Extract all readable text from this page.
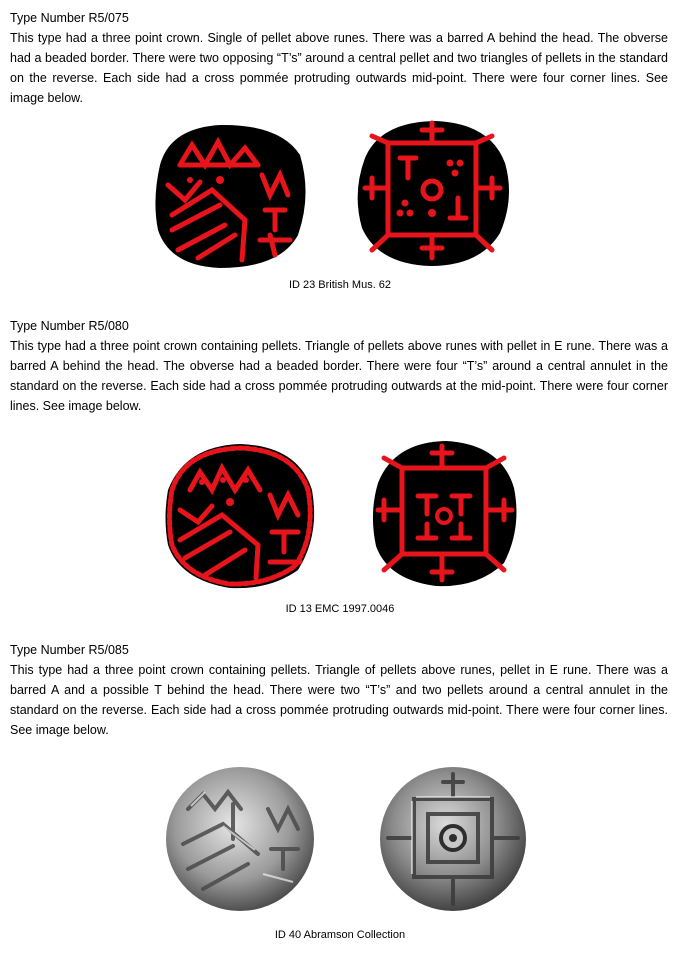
Type Number R5/075

This type had a three point crown. Single of pellet above runes. There was a barred A behind the head. The obverse had a beaded border. There were two opposing “T’s” around a central pellet and two triangles of pellets in the standard on the reverse. Each side had a cross pommée protruding outwards mid-point. There were four corner lines. See image below.

ID 23 British Mus. 62

Type Number R5/080

This type had a three point crown containing pellets. Triangle of pellets above runes with pellet in E rune. There was a barred A behind the head. The obverse had a beaded border. There were four “T’s” around a central annulet in the standard on the reverse. Each side had a cross pommée protruding outwards at the mid-point. There were four corner lines. See image below.

ID 13 EMC 1997.0046

Type Number R5/085

This type had a three point crown containing pellets. Triangle of pellets above runes, pellet in E rune. There was a barred A and a possible T behind the head. There were two “T’s” and two pellets around a central annulet in the standard on the reverse. Each side had a cross pommée protruding outwards mid-point. There were four corner lines. See image below.

ID 40 Abramson Collection
